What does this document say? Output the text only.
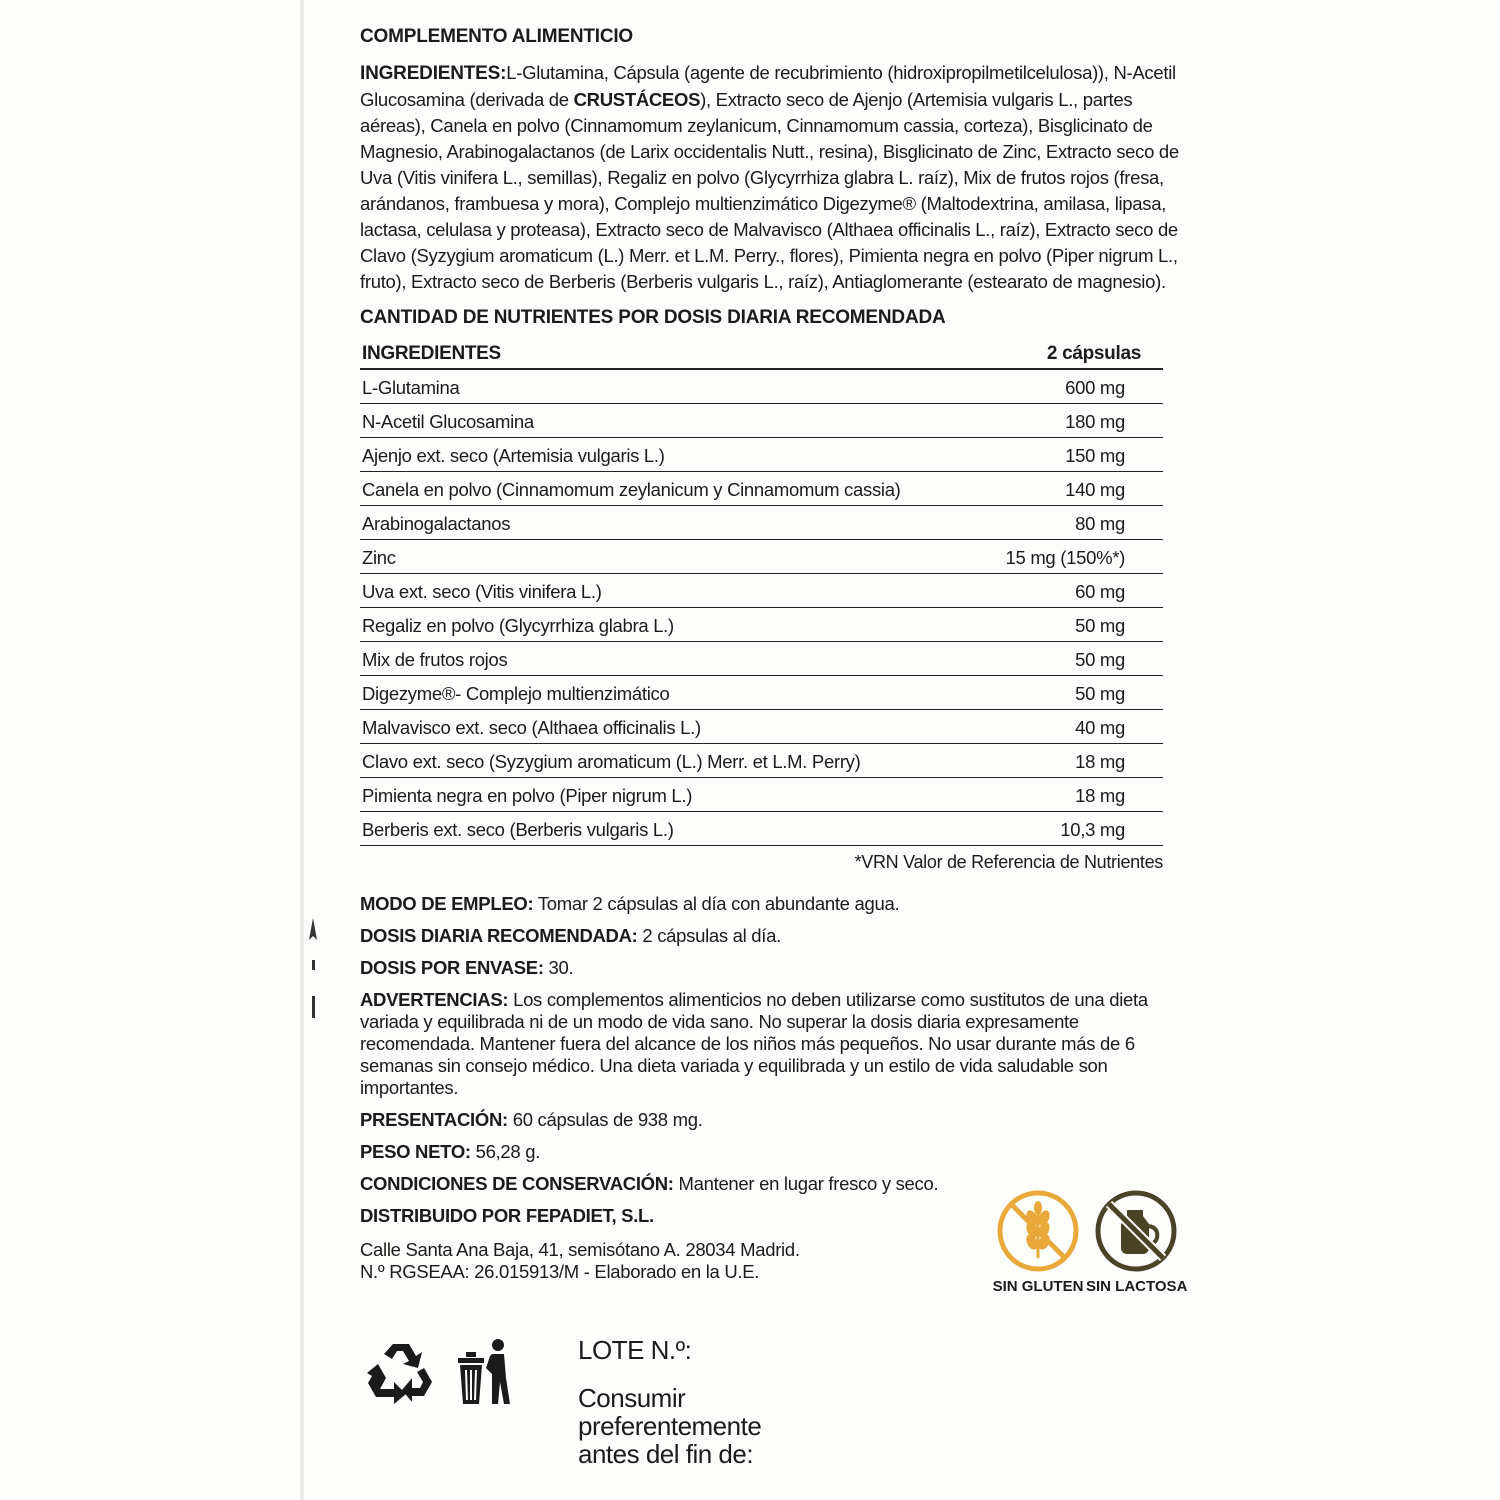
COMPLEMENTO ALIMENTICIO

INGREDIENTES:L-Glutamina, Cápsula (agente de recubrimiento (hidroxipropilmetilcelulosa)), N-Acetil Glucosamina (derivada de CRUSTÁCEOS), Extracto seco de Ajenjo (Artemisia vulgaris L., partes aéreas), Canela en polvo (Cinnamomum zeylanicum, Cinnamomum cassia, corteza), Bisglicinato de Magnesio, Arabinogalactanos (de Larix occidentalis Nutt., resina), Bisglicinato de Zinc, Extracto seco de Uva (Vitis vinifera L., semillas), Regaliz en polvo (Glycyrrhiza glabra L. raíz), Mix de frutos rojos (fresa, arándanos, frambuesa y mora), Complejo multienzimático Digezyme® (Maltodextrina, amilasa, lipasa, lactasa, celulasa y proteasa), Extracto seco de Malvavisco (Althaea officinalis L., raíz), Extracto seco de Clavo (Syzygium aromaticum (L.) Merr. et L.M. Perry., flores), Pimienta negra en polvo (Piper nigrum L., fruto), Extracto seco de Berberis (Berberis vulgaris L., raíz), Antiaglomerante (estearato de magnesio).

CANTIDAD DE NUTRIENTES POR DOSIS DIARIA RECOMENDADA
INGREDIENTES	2 cápsulas
L-Glutamina	600 mg
N-Acetil Glucosamina	180 mg
Ajenjo ext. seco (Artemisia vulgaris L.)	150 mg
Canela en polvo (Cinnamomum zeylanicum y Cinnamomum cassia)	140 mg
Arabinogalactanos	80 mg
Zinc	15 mg (150%*)
Uva ext. seco (Vitis vinifera L.)	60 mg
Regaliz en polvo (Glycyrrhiza glabra L.)	50 mg
Mix de frutos rojos	50 mg
Digezyme®- Complejo multienzimático	50 mg
Malvavisco ext. seco (Althaea officinalis L.)	40 mg
Clavo ext. seco (Syzygium aromaticum (L.) Merr. et L.M. Perry)	18 mg
Pimienta negra en polvo (Piper nigrum L.)	18 mg
Berberis ext. seco (Berberis vulgaris L.)	10,3 mg
*VRN Valor de Referencia de Nutrientes

MODO DE EMPLEO: Tomar 2 cápsulas al día con abundante agua.

DOSIS DIARIA RECOMENDADA: 2 cápsulas al día.

DOSIS POR ENVASE: 30.

ADVERTENCIAS: Los complementos alimenticios no deben utilizarse como sustitutos de una dieta variada y equilibrada ni de un modo de vida sano. No superar la dosis diaria expresamente recomendada. Mantener fuera del alcance de los niños más pequeños. No usar durante más de 6 semanas sin consejo médico. Una dieta variada y equilibrada y un estilo de vida saludable son importantes.

PRESENTACIÓN: 60 cápsulas de 938 mg.

PESO NETO: 56,28 g.

CONDICIONES DE CONSERVACIÓN: Mantener en lugar fresco y seco.

DISTRIBUIDO POR FEPADIET, S.L.

Calle Santa Ana Baja, 41, semisótano A. 28034 Madrid.
N.º RGSEAA: 26.015913/M - Elaborado en la U.E.
SIN GLUTEN SIN LACTOSA
LOTE N.º:
Consumir preferentemente antes del fin de:
